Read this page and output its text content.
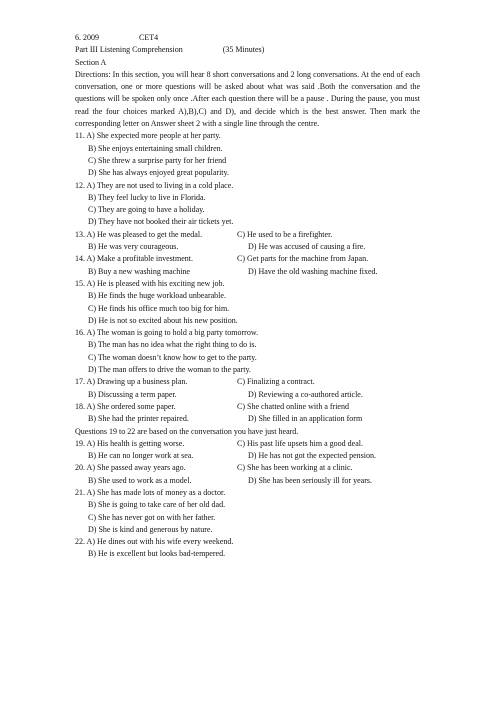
6. 2009	CET4
Part III Listening Comprehension	(35 Minutes)
Section A
Directions: In this section, you will hear 8 short conversations and 2 long conversations. At the end of each conversation, one or more questions will be asked about what was said .Both the conversation and the questions will be spoken only once .After each question there will be a pause . During the pause, you must read the four choices marked A),B),C) and D), and decide which is the best answer. Then mark the corresponding letter on Answer sheet 2 with a single line through the centre.
11. A) She expected more people at her party.
B) She enjoys entertaining small children.
C) She threw a surprise party for her friend
D) She has always enjoyed great popularity.
12. A) They are not used to living in a cold place.
B) They feel lucky to live in Florida.
C) They are going to have a holiday.
D) They have not booked their air tickets yet.
13. A) He was pleased to get the medal.	C) He used to be a firefighter.
B) He was very courageous.	D) He was accused of causing a fire.
14. A) Make a profitable investment.	C) Get parts for the machine from Japan.
B) Buy a new washing machine	D) Have the old washing machine fixed.
15. A) He is pleased with his exciting new job.
B) He finds the huge workload unbearable.
C) He finds his office much too big for him.
D) He is not so excited about his new position.
16. A) The woman is going to hold a big party tomorrow.
B) The man has no idea what the right thing to do is.
C) The woman doesn’t know how to get to the party.
D) The man offers to drive the woman to the party.
17. A) Drawing up a business plan.	C) Finalizing a contract.
B) Discussing a term paper.	D) Reviewing a co-authored article.
18. A) She ordered some paper.	C) She chatted online with a friend
B) She had the printer repaired.	D) She filled in an application form
Questions 19 to 22 are based on the conversation you have just heard.
19. A) His health is getting worse.	C) His past life upsets him a good deal.
B) He can no longer work at sea.	D) He has not got the expected pension.
20. A) She passed away years ago.	C) She has been working at a clinic.
B) She used to work as a model.	D) She has been seriously ill for years.
21. A) She has made lots of money as a doctor.
B) She is going to take care of her old dad.
C) She has never got on with her father.
D) She is kind and generous by nature.
22. A) He dines out with his wife every weekend.
B) He is excellent but looks bad-tempered.
